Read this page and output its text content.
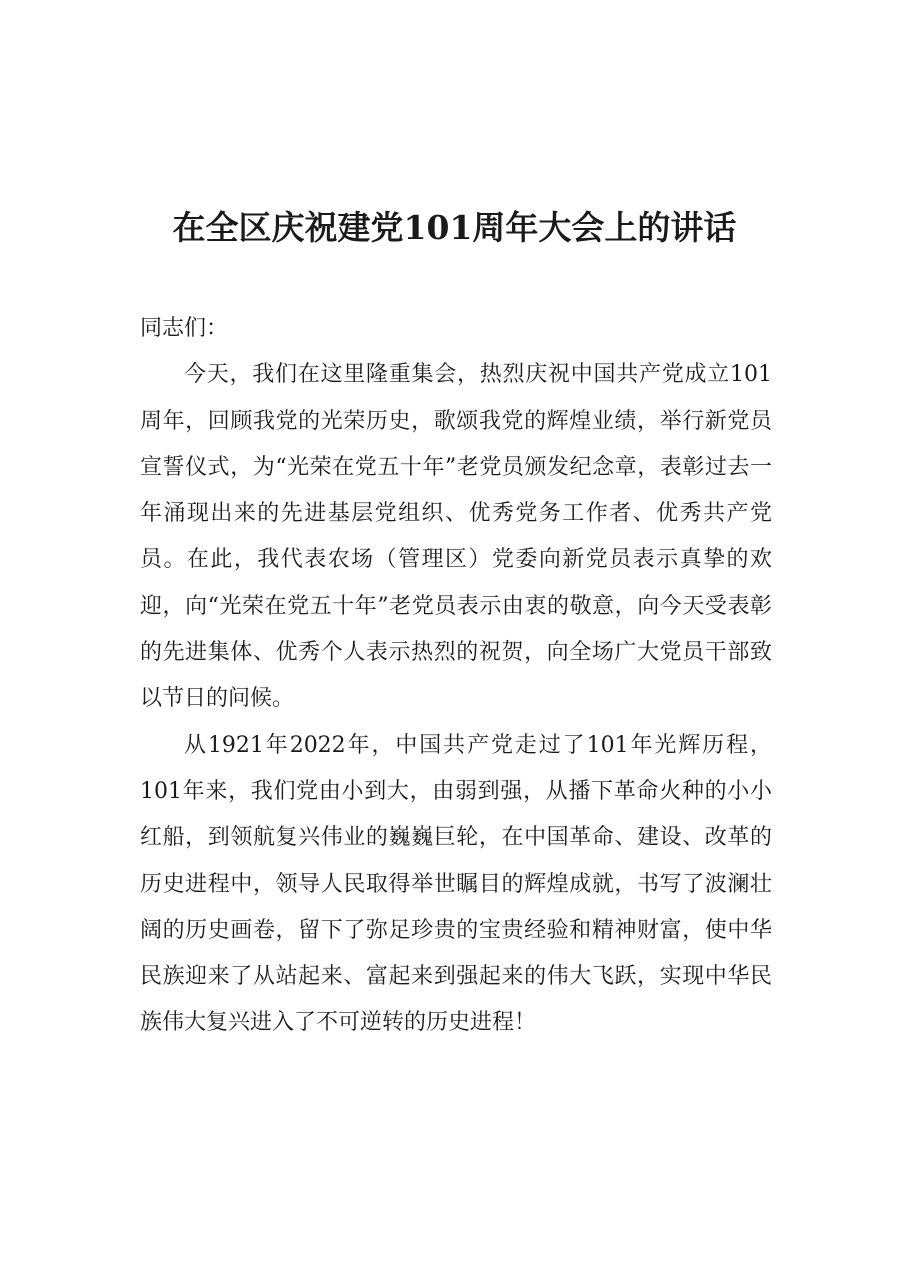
在全区庆祝建党101周年大会上的讲话

同志们：

今天，我们在这里隆重集会，热烈庆祝中国共产党成立101周年，回顾我党的光荣历史，歌颂我党的辉煌业绩，举行新党员宣誓仪式，为“光荣在党五十年”老党员颁发纪念章，表彰过去一年涌现出来的先进基层党组织、优秀党务工作者、优秀共产党员。在此，我代表农场（管理区）党委向新党员表示真挚的欢迎，向“光荣在党五十年”老党员表示由衷的敬意，向今天受表彰的先进集体、优秀个人表示热烈的祝贺，向全场广大党员干部致以节日的问候。

从1921年2022年，中国共产党走过了101年光辉历程，101年来，我们党由小到大，由弱到强，从播下革命火种的小小红船，到领航复兴伟业的巍巍巨轮，在中国革命、建设、改革的历史进程中，领导人民取得举世瞩目的辉煌成就，书写了波澜壮阔的历史画卷，留下了弥足珍贵的宝贵经验和精神财富，使中华民族迎来了从站起来、富起来到强起来的伟大飞跃，实现中华民族伟大复兴进入了不可逆转的历史进程！
